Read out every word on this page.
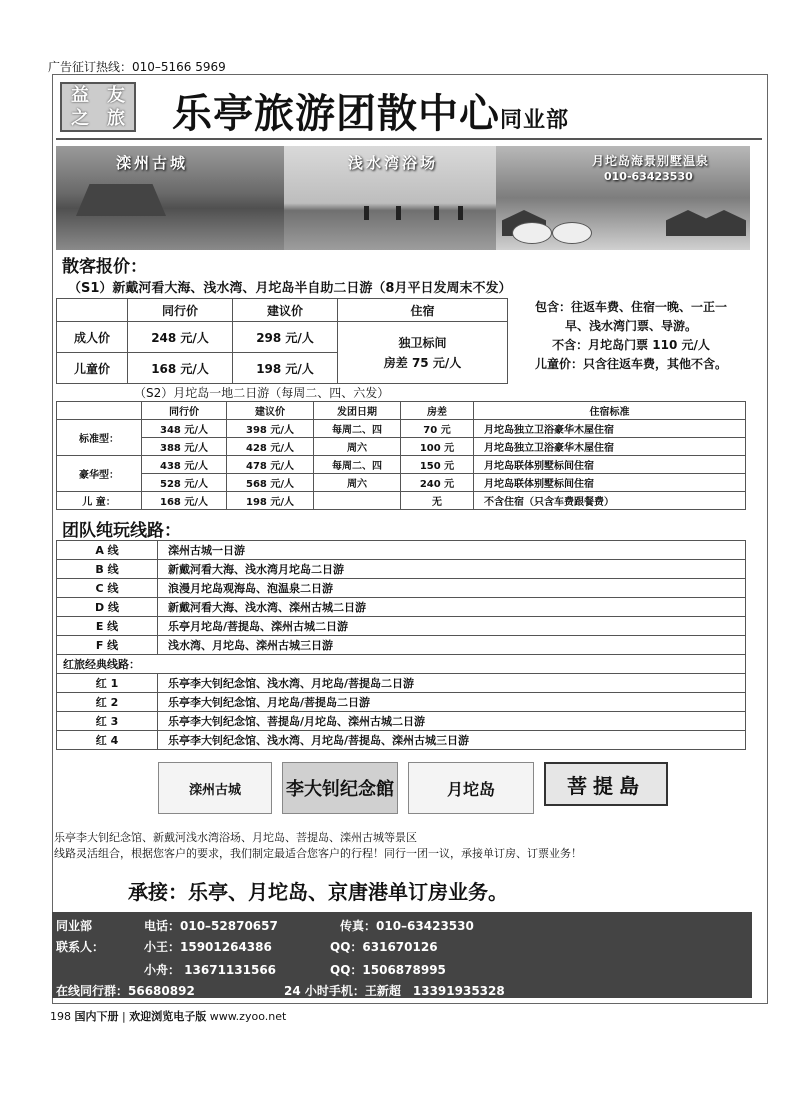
广告征订热线：010–5166 5969
益	友
之	旅 乐亭旅游团散中心同业部
滦州古城	浅水湾浴场	月坨岛海景别墅温泉
010-63423530
散客报价：
（S1）新戴河看大海、浅水湾、月坨岛半自助二日游（8月平日发周末不发）
	同行价	建议价	住宿
成人价	248 元/人	298 元/人	独卫标间
房差 75 元/人

儿童价	168 元/人	198 元/人	
包含：往返车费、住宿一晚、一正一
早、浅水湾门票、导游。
不含：月坨岛门票 110 元/人
儿童价：只含往返车费，其他不含。
（S2）月坨岛一地二日游（每周二、四、六发）
	同行价	建议价	发团日期	房差	住宿标准
标准型：	348 元/人	398 元/人	每周二、四	70 元	月坨岛独立卫浴豪华木屋住宿
	388 元/人	428 元/人	周六	100 元	月坨岛独立卫浴豪华木屋住宿
豪华型：	438 元/人	478 元/人	每周二、四	150 元	月坨岛联体别墅标间住宿
	528 元/人	568 元/人	周六	240 元	月坨岛联体别墅标间住宿
儿 童：	168 元/人	198 元/人		无	不含住宿（只含车费跟餐费）
团队纯玩线路：
A 线	滦州古城一日游
B 线	新戴河看大海、浅水湾月坨岛二日游
C 线	浪漫月坨岛观海岛、泡温泉二日游
D 线	新戴河看大海、浅水湾、滦州古城二日游
E 线	乐亭月坨岛/菩提岛、滦州古城二日游
F 线	浅水湾、月坨岛、滦州古城三日游
红旅经典线路：	
红 1	乐亭李大钊纪念馆、浅水湾、月坨岛/菩提岛二日游
红 2	乐亭李大钊纪念馆、月坨岛/菩提岛二日游
红 3	乐亭李大钊纪念馆、菩提岛/月坨岛、滦州古城二日游
红 4	乐亭李大钊纪念馆、浅水湾、月坨岛/菩提岛、滦州古城三日游
滦州古城	李大钊纪念館	月坨岛	菩提島
乐亭李大钊纪念馆、新戴河浅水湾浴场、月坨岛、菩提岛、滦州古城等景区
线路灵活组合，根据您客户的要求，我们制定最适合您客户的行程！同行一团一议，承接单订房、订票业务！
承接：乐亭、月坨岛、京唐港单订房业务。
同业部	电话：010–52870657	传真：010–63423530
联系人：	小王：15901264386	QQ：631670126
小舟： 13671131566	QQ：1506878995
在线同行群：56680892	24 小时手机：王新超　13391935328
198 国内下册 | 欢迎浏览电子版 www.zyoo.net
